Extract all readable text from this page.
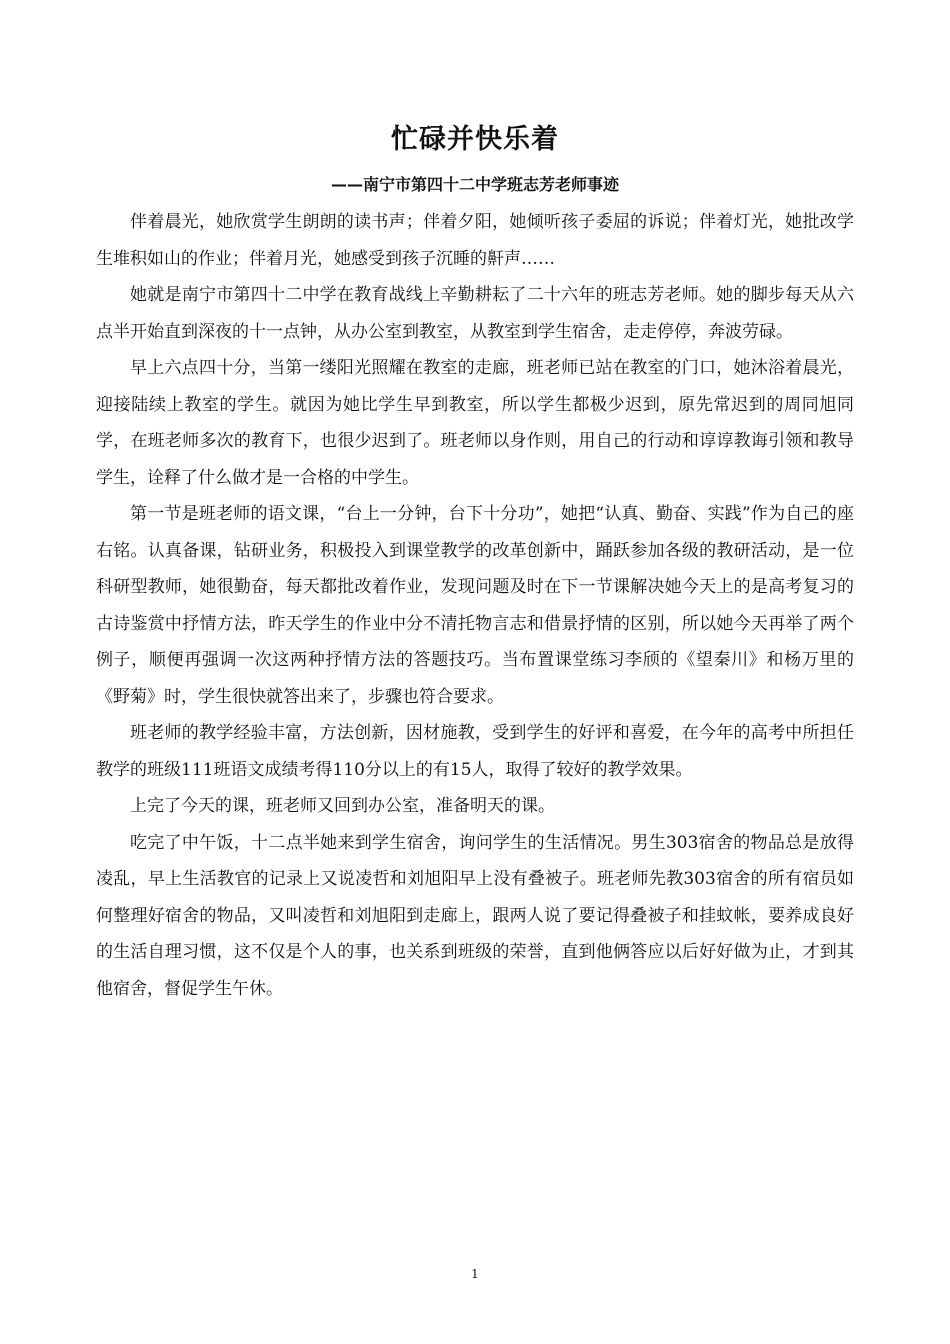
忙碌并快乐着
——南宁市第四十二中学班志芳老师事迹

伴着晨光，她欣赏学生朗朗的读书声；伴着夕阳，她倾听孩子委屈的诉说；伴着灯光，她批改学生堆积如山的作业；伴着月光，她感受到孩子沉睡的鼾声……

她就是南宁市第四十二中学在教育战线上辛勤耕耘了二十六年的班志芳老师。她的脚步每天从六点半开始直到深夜的十一点钟，从办公室到教室，从教室到学生宿舍，走走停停，奔波劳碌。

早上六点四十分，当第一缕阳光照耀在教室的走廊，班老师已站在教室的门口，她沐浴着晨光，迎接陆续上教室的学生。就因为她比学生早到教室，所以学生都极少迟到，原先常迟到的周同旭同学，在班老师多次的教育下，也很少迟到了。班老师以身作则，用自己的行动和谆谆教诲引领和教导学生，诠释了什么做才是一合格的中学生。

第一节是班老师的语文课，“台上一分钟，台下十分功”，她把“认真、勤奋、实践”作为自己的座右铭。认真备课，钻研业务，积极投入到课堂教学的改革创新中，踊跃参加各级的教研活动，是一位科研型教师，她很勤奋，每天都批改着作业，发现问题及时在下一节课解决她今天上的是高考复习的古诗鉴赏中抒情方法，昨天学生的作业中分不清托物言志和借景抒情的区别，所以她今天再举了两个例子，顺便再强调一次这两种抒情方法的答题技巧。当布置课堂练习李颀的《望秦川》和杨万里的《野菊》时，学生很快就答出来了，步骤也符合要求。

班老师的教学经验丰富，方法创新，因材施教，受到学生的好评和喜爱，在今年的高考中所担任教学的班级111班语文成绩考得110分以上的有15人，取得了较好的教学效果。

上完了今天的课，班老师又回到办公室，准备明天的课。

吃完了中午饭，十二点半她来到学生宿舍，询问学生的生活情况。男生303宿舍的物品总是放得凌乱，早上生活教官的记录上又说凌哲和刘旭阳早上没有叠被子。班老师先教303宿舍的所有宿员如何整理好宿舍的物品，又叫凌哲和刘旭阳到走廊上，跟两人说了要记得叠被子和挂蚊帐，要养成良好的生活自理习惯，这不仅是个人的事，也关系到班级的荣誉，直到他俩答应以后好好做为止，才到其他宿舍，督促学生午休。

1
